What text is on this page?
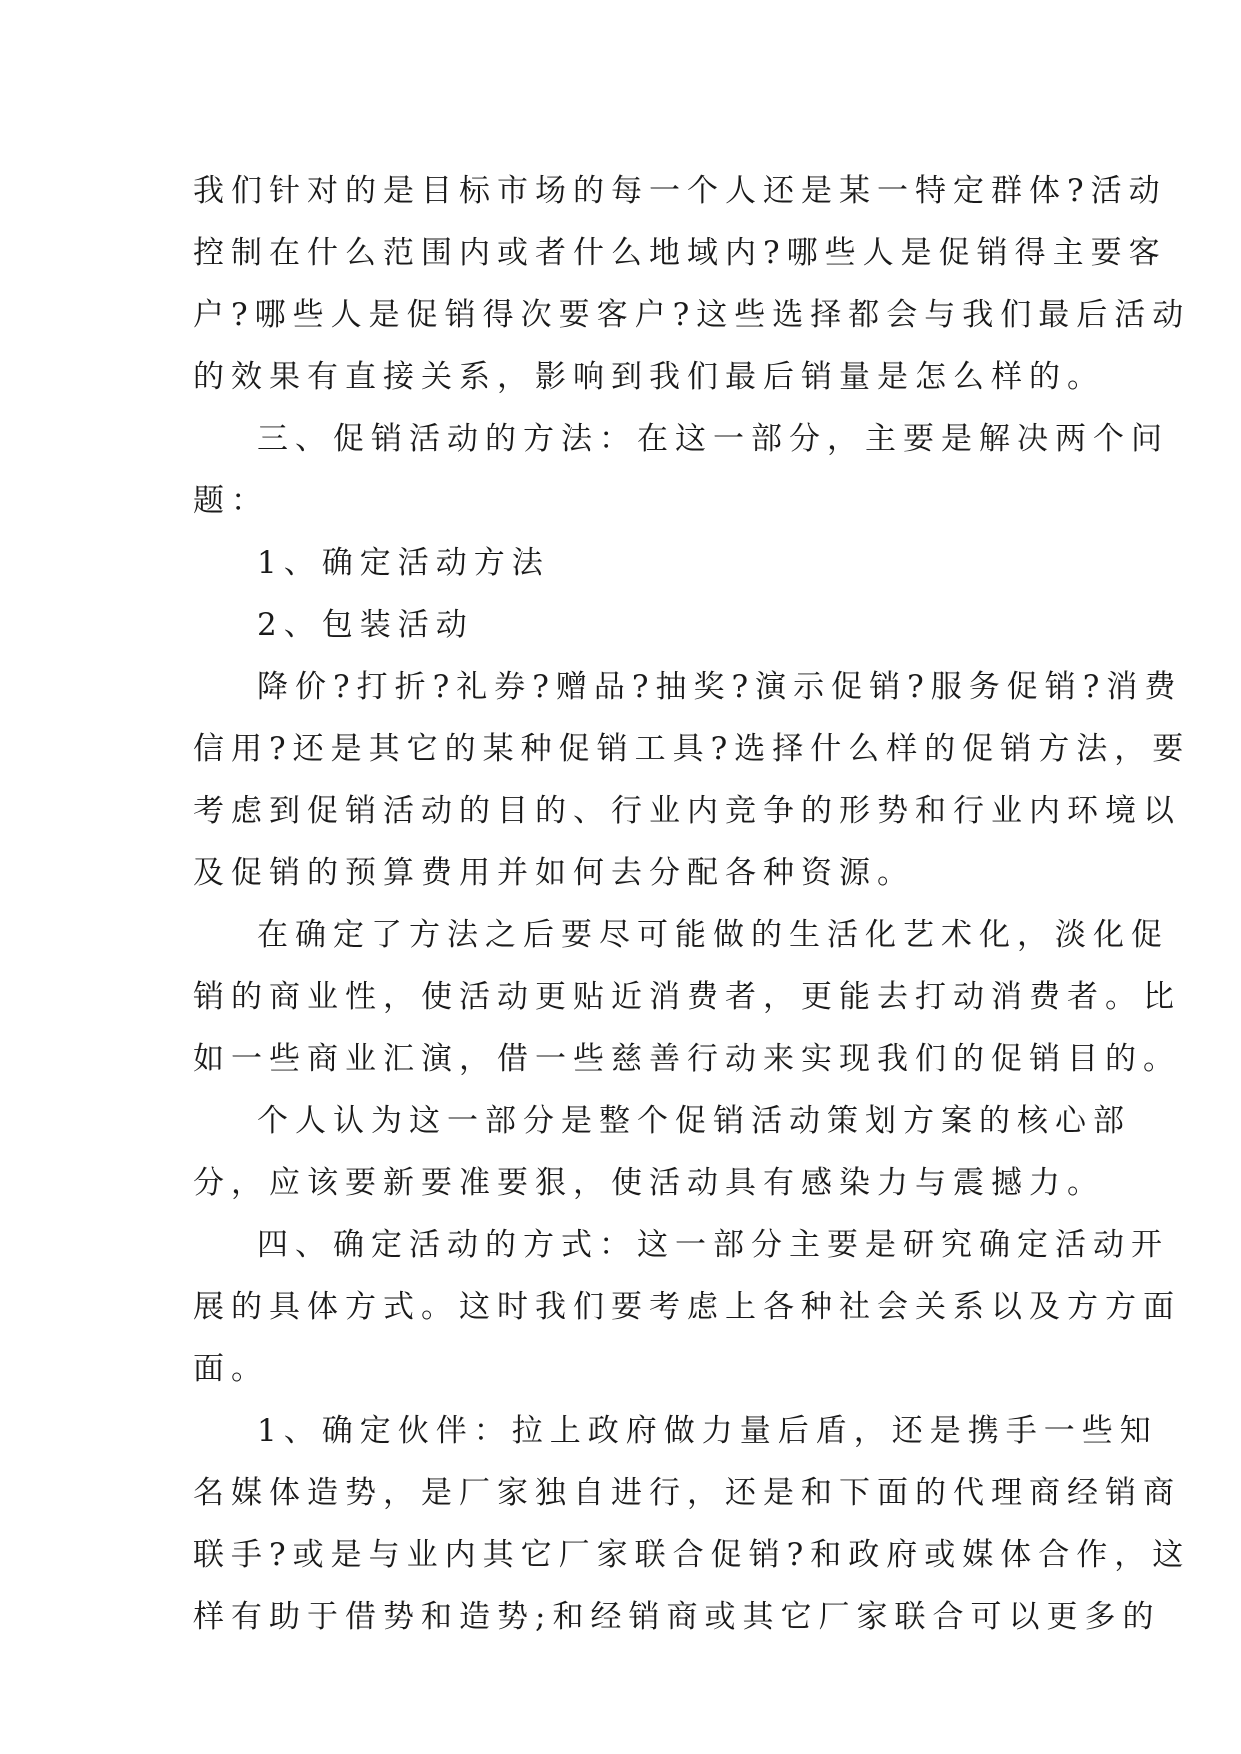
我们针对的是目标市场的每一个人还是某一特定群体?活动
控制在什么范围内或者什么地域内?哪些人是促销得主要客
户?哪些人是促销得次要客户?这些选择都会与我们最后活动
的效果有直接关系，影响到我们最后销量是怎么样的。
三、促销活动的方法：在这一部分，主要是解决两个问
题：
1、确定活动方法
2、包装活动
降价?打折?礼券?赠品?抽奖?演示促销?服务促销?消费
信用?还是其它的某种促销工具?选择什么样的促销方法，要
考虑到促销活动的目的、行业内竞争的形势和行业内环境以
及促销的预算费用并如何去分配各种资源。
在确定了方法之后要尽可能做的生活化艺术化，淡化促
销的商业性，使活动更贴近消费者，更能去打动消费者。比
如一些商业汇演，借一些慈善行动来实现我们的促销目的。
个人认为这一部分是整个促销活动策划方案的核心部
分，应该要新要准要狠，使活动具有感染力与震撼力。
四、确定活动的方式：这一部分主要是研究确定活动开
展的具体方式。这时我们要考虑上各种社会关系以及方方面
面。
1、确定伙伴：拉上政府做力量后盾，还是携手一些知
名媒体造势，是厂家独自进行，还是和下面的代理商经销商
联手?或是与业内其它厂家联合促销?和政府或媒体合作，这
样有助于借势和造势;和经销商或其它厂家联合可以更多的
